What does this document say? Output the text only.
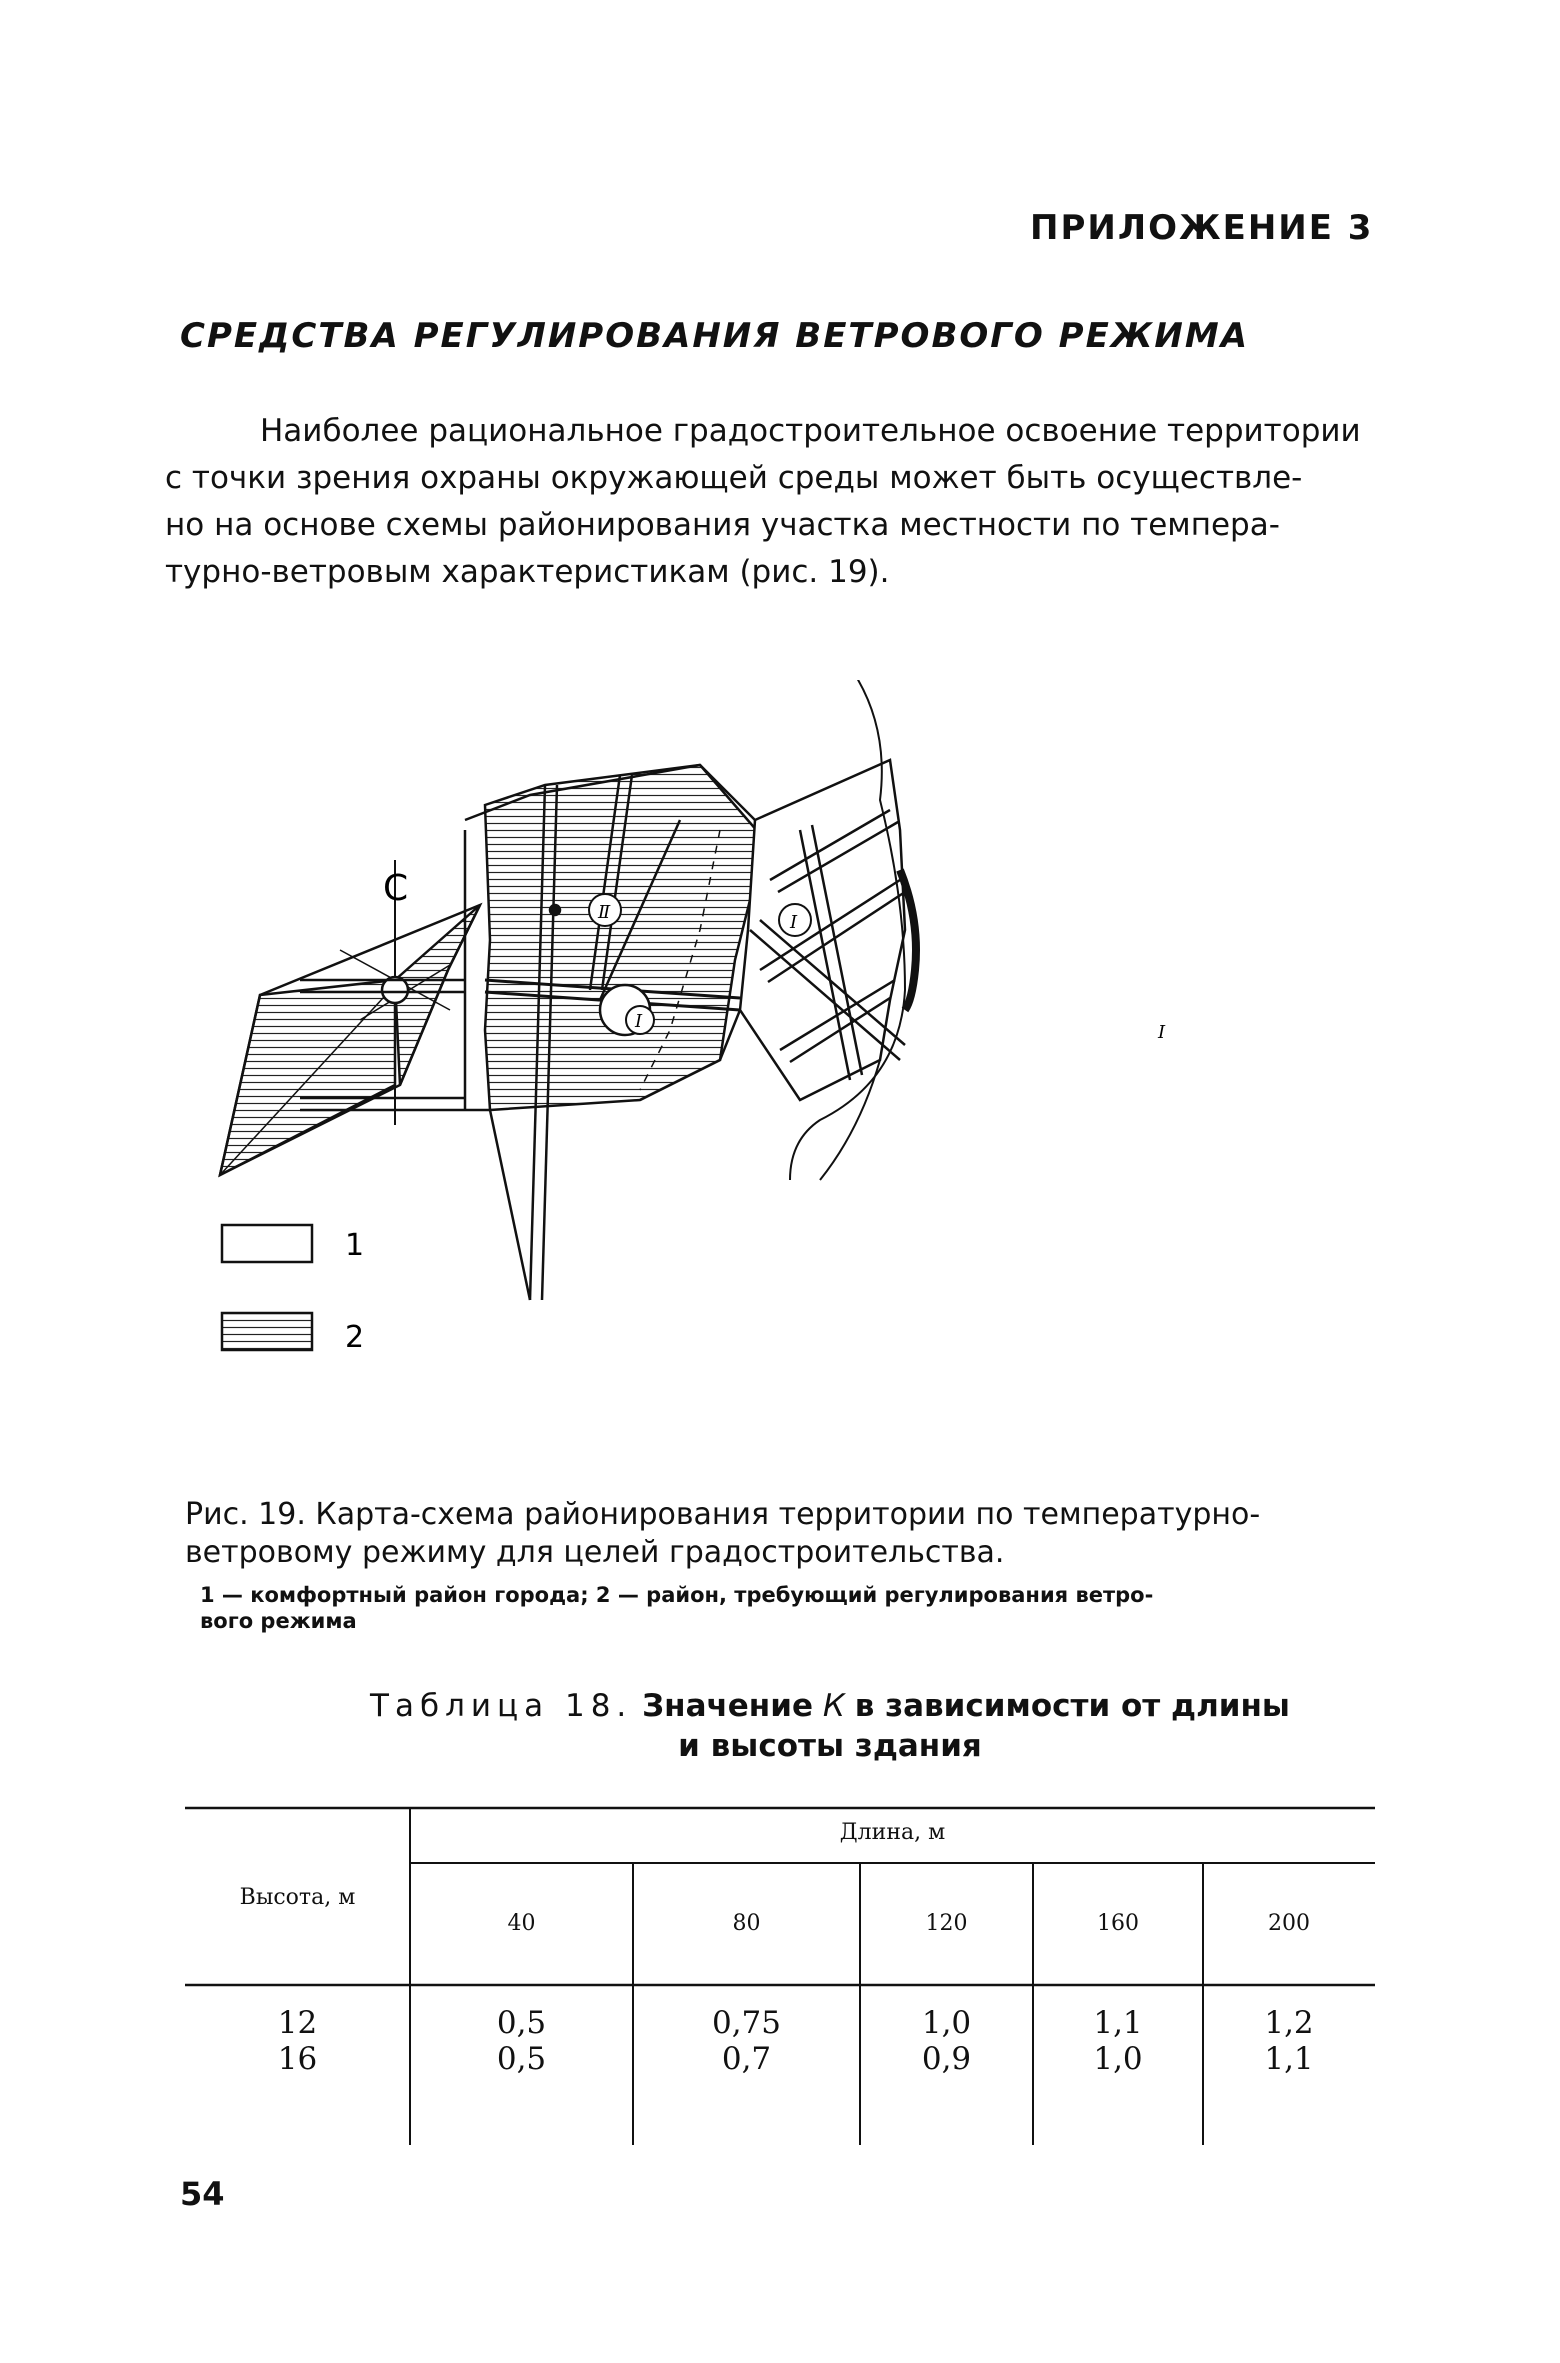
ПРИЛОЖЕНИЕ 3
СРЕДСТВА РЕГУЛИРОВАНИЯ ВЕТРОВОГО РЕЖИМА
Наиболее рациональное градостроительное освоение территории
с точки зрения охраны окружающей среды может быть осуществле-
но на основе схемы районирования участка местности по темпера-
турно-ветровым характеристикам (рис. 19).
С
1
2
Ⅱ	Ⅰ
Ⅰ
Ⅰ
Рис. 19. Карта-схема районирования территории по температурно-
ветровому режиму для целей градостроительства.
1 — комфортный район города; 2 — район, требующий регулирования ветро-
вого режима
Таблица 18. Значение К в зависимости от длины
и высоты здания
Высота, м
Длина, м
40	80	120	160	200
12	0,5	0,75	1,0	1,1	1,2
16	0,5	0,7	0,9	1,0	1,1
54
